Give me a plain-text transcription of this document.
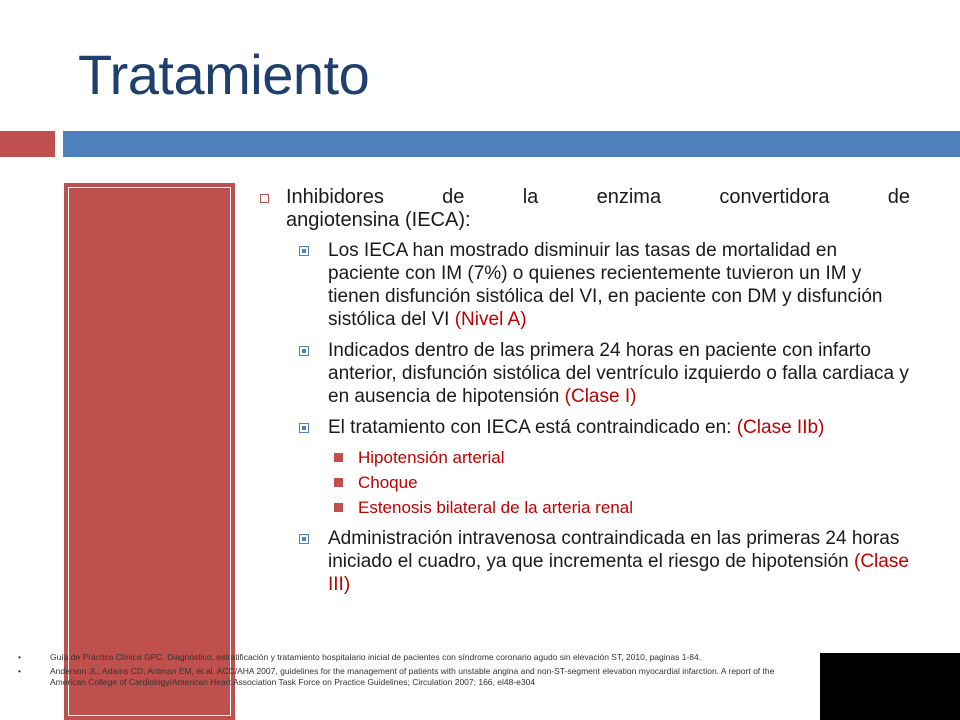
Tratamiento
Inhibidores de la enzima convertidora de
angiotensina (IECA):
Los IECA han mostrado disminuir las tasas de mortalidad en paciente con IM (7%) o quienes recientemente tuvieron un IM y tienen disfunción sistólica del VI, en paciente con DM y disfunción sistólica del VI (Nivel A)
Indicados dentro de las primera 24 horas en paciente con infarto anterior, disfunción sistólica del ventrículo izquierdo o falla cardiaca y en ausencia de hipotensión (Clase I)
El tratamiento con IECA está contraindicado en: (Clase IIb)
Hipotensión arterial
Choque
Estenosis bilateral de la arteria renal
Administración intravenosa contraindicada en las primeras 24 horas iniciado el cuadro, ya que incrementa el riesgo de hipotensión (Clase III)
•	Guía de Práctica Clínica GPC, Diagnóstico, estratificación y tratamiento hospitalario inicial de pacientes con síndrome coronario agudo sin elevación ST, 2010, paginas 1-84.
•	Anderson JL, Adams CD, Antman EM, et al. ACC/AHA 2007, guidelines for the management of patients with unstable angina and non-ST-segment elevation myocardial infarction. A report of the American College of Cardiology/American Heart Association Task Force on Practice Guidelines; Circulation 2007; 166, el48-e304
